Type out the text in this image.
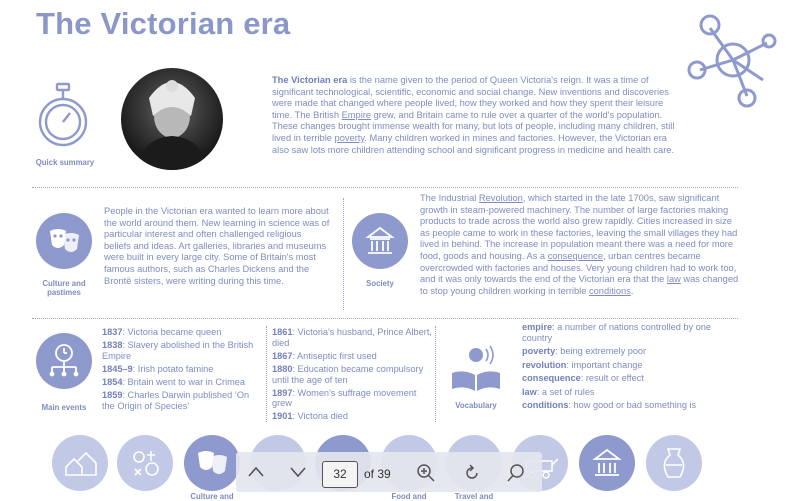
The Victorian era
Quick summary
The Victorian era is the name given to the period of Queen Victoria's reign. It was a time of significant technological, scientific, economic and social change. New inventions and discoveries were made that changed where people lived, how they worked and how they spent their leisure time. The British Empire grew, and Britain came to rule over a quarter of the world's population. These changes brought immense wealth for many, but lots of people, including many children, still lived in terrible poverty. Many children worked in mines and factories. However, the Victorian era also saw lots more children attending school and significant progress in medicine and health care.
Culture and
pastimes
People in the Victorian era wanted to learn more about the world around them. New learning in science was of particular interest and often challenged religious beliefs and ideas. Art galleries, libraries and museums were built in every large city. Some of Britain's most famous authors, such as Charles Dickens and the Brontë sisters, were writing during this time.	Society
The Industrial Revolution, which started in the late 1700s, saw significant growth in steam-powered machinery. The number of large factories making products to trade across the world also grew rapidly. Cities increased in size as people came to work in these factories, leaving the small villages they had lived in behind. The increase in population meant there was a need for more food, goods and housing. As a consequence, urban centres became overcrowded with factories and houses. Very young children had to work too, and it was only towards the end of the Victorian era that the law was changed to stop young children working in terrible conditions.
Main events
1837: Victoria became queen
1838: Slavery abolished in the British Empire
1845–9: Irish potato famine
1854: Britain went to war in Crimea
1859: Charles Darwin published ‘On the Origin of Species’
1861: Victoria's husband, Prince Albert, died
1867: Antiseptic first used
1880: Education became compulsory until the age of ten
1897: Women's suffrage movement grew
1901: Victoria died
Vocabulary
empire: a number of nations controlled by one country
poverty: being extremely poor
revolution: important change
consequence: result or effect
law: a set of rules
conditions: how good or bad something is
Culture and	Food and	Travel and
32	of 39
